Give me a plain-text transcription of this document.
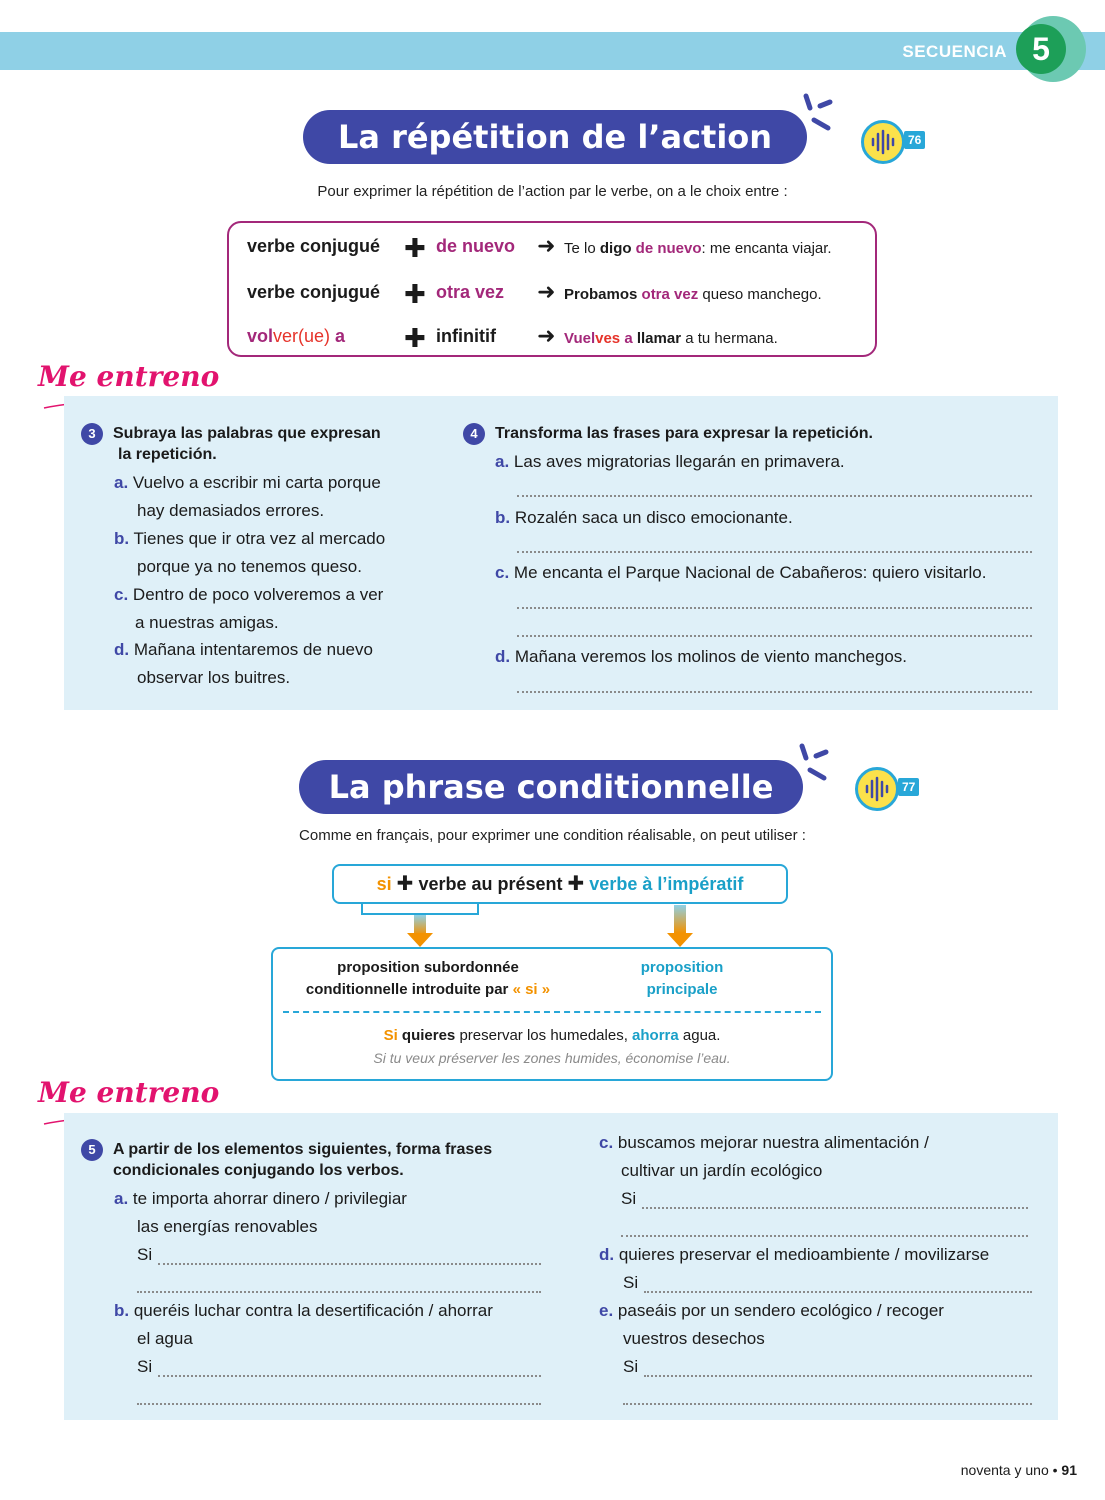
SECUENCIA 5
La répétition de l’action	76
Pour exprimer la répétition de l’action par le verbe, on a le choix entre :
verbe conjugué ✚ de nuevo ➜ Te lo digo de nuevo: me encanta viajar.
verbe conjugué ✚ otra vez ➜ Probamos otra vez queso manchego.
volver(ue) a ✚ infinitif ➜ Vuelves a llamar a tu hermana.
Me entreno
3	Subraya las palabras que expresan
la repetición.
a. Vuelvo a escribir mi carta porque
hay demasiados errores.
b. Tienes que ir otra vez al mercado
porque ya no tenemos queso.
c. Dentro de poco volveremos a ver
a nuestras amigas.
d. Mañana intentaremos de nuevo
observar los buitres.
4	Transforma las frases para expresar la repetición.
a. Las aves migratorias llegarán en primavera.
b. Rozalén saca un disco emocionante.
c. Me encanta el Parque Nacional de Cabañeros: quiero visitarlo.
d. Mañana veremos los molinos de viento manchegos.
La phrase conditionnelle	77
Comme en français, pour exprimer une condition réalisable, on peut utiliser :
si ✚ verbe au présent ✚ verbe à l’impératif
proposition subordonnée
conditionnelle introduite par « si »
proposition
principale
Si quieres preservar los humedales, ahorra agua.
Si tu veux préserver les zones humides, économise l’eau.
Me entreno
5	A partir de los elementos siguientes, forma frases
condicionales conjugando los verbos.
a. te importa ahorrar dinero / privilegiar
las energías renovables
Si
b. queréis luchar contra la desertificación / ahorrar
el agua
Si
c. buscamos mejorar nuestra alimentación /
cultivar un jardín ecológico
Si
d. quieres preservar el medioambiente / movilizarse
Si
e. paseáis por un sendero ecológico / recoger
vuestros desechos
Si
noventa y uno • 91
